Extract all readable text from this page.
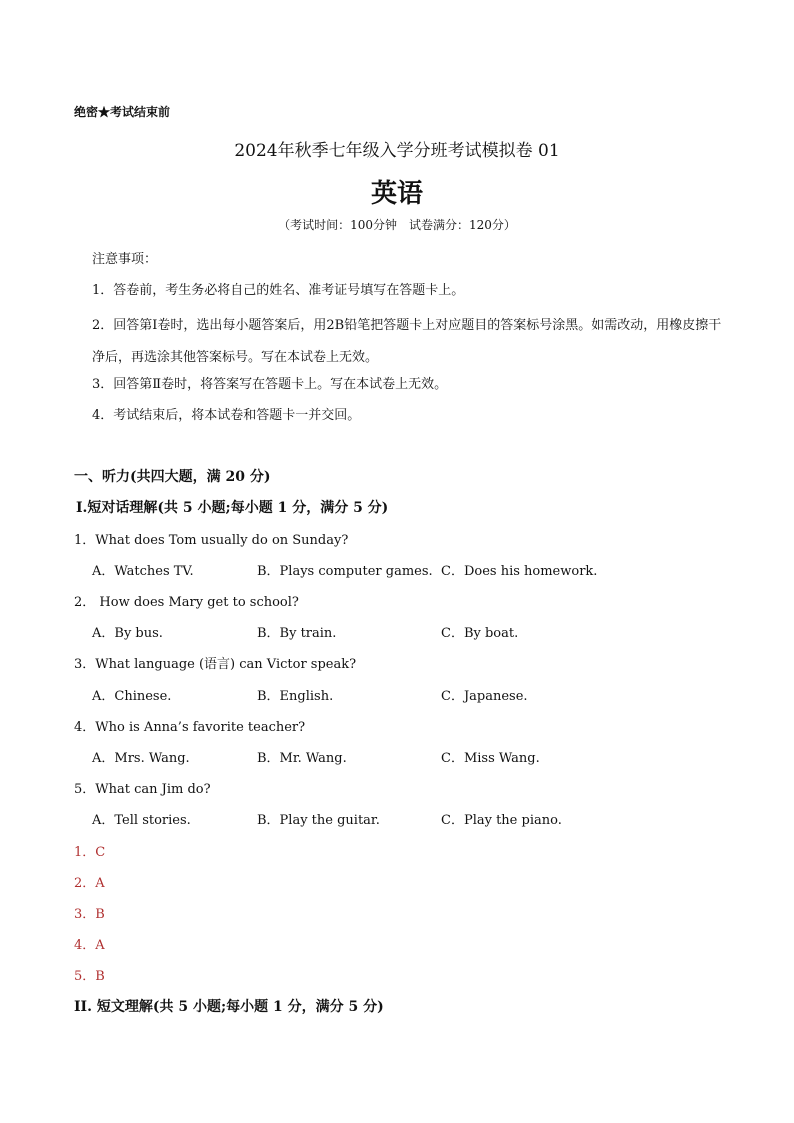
绝密★考试结束前
2024年秋季七年级入学分班考试模拟卷 01
英语
（考试时间：100分钟　试卷满分：120分）
注意事项：
1．答卷前，考生务必将自己的姓名、准考证号填写在答题卡上。
2．回答第Ⅰ卷时，选出每小题答案后，用2B铅笔把答题卡上对应题目的答案标号涂黑。如需改动，用橡皮擦干净后，再选涂其他答案标号。写在本试卷上无效。
3．回答第Ⅱ卷时，将答案写在答题卡上。写在本试卷上无效。
4．考试结束后，将本试卷和答题卡一并交回。
一、听力(共四大题，满 20 分)
Ⅰ.短对话理解(共 5 小题;每小题 1 分，满分 5 分)
1．What does Tom usually do on Sunday?
A．Watches TV.	B．Plays computer games. C．Does his homework.
2． How does Mary get to school?
A．By bus.	B．By train.	C．By boat.
3．What language (语言) can Victor speak?
A．Chinese.	B．English.	C．Japanese.
4．Who is Anna’s favorite teacher?
A．Mrs. Wang.	B．Mr. Wang.	C．Miss Wang.
5．What can Jim do?
A．Tell stories.	B．Play the guitar.	C．Play the piano.
1．C
2．A
3．B
4．A
5．B
II. 短文理解(共 5 小题;每小题 1 分，满分 5 分)
